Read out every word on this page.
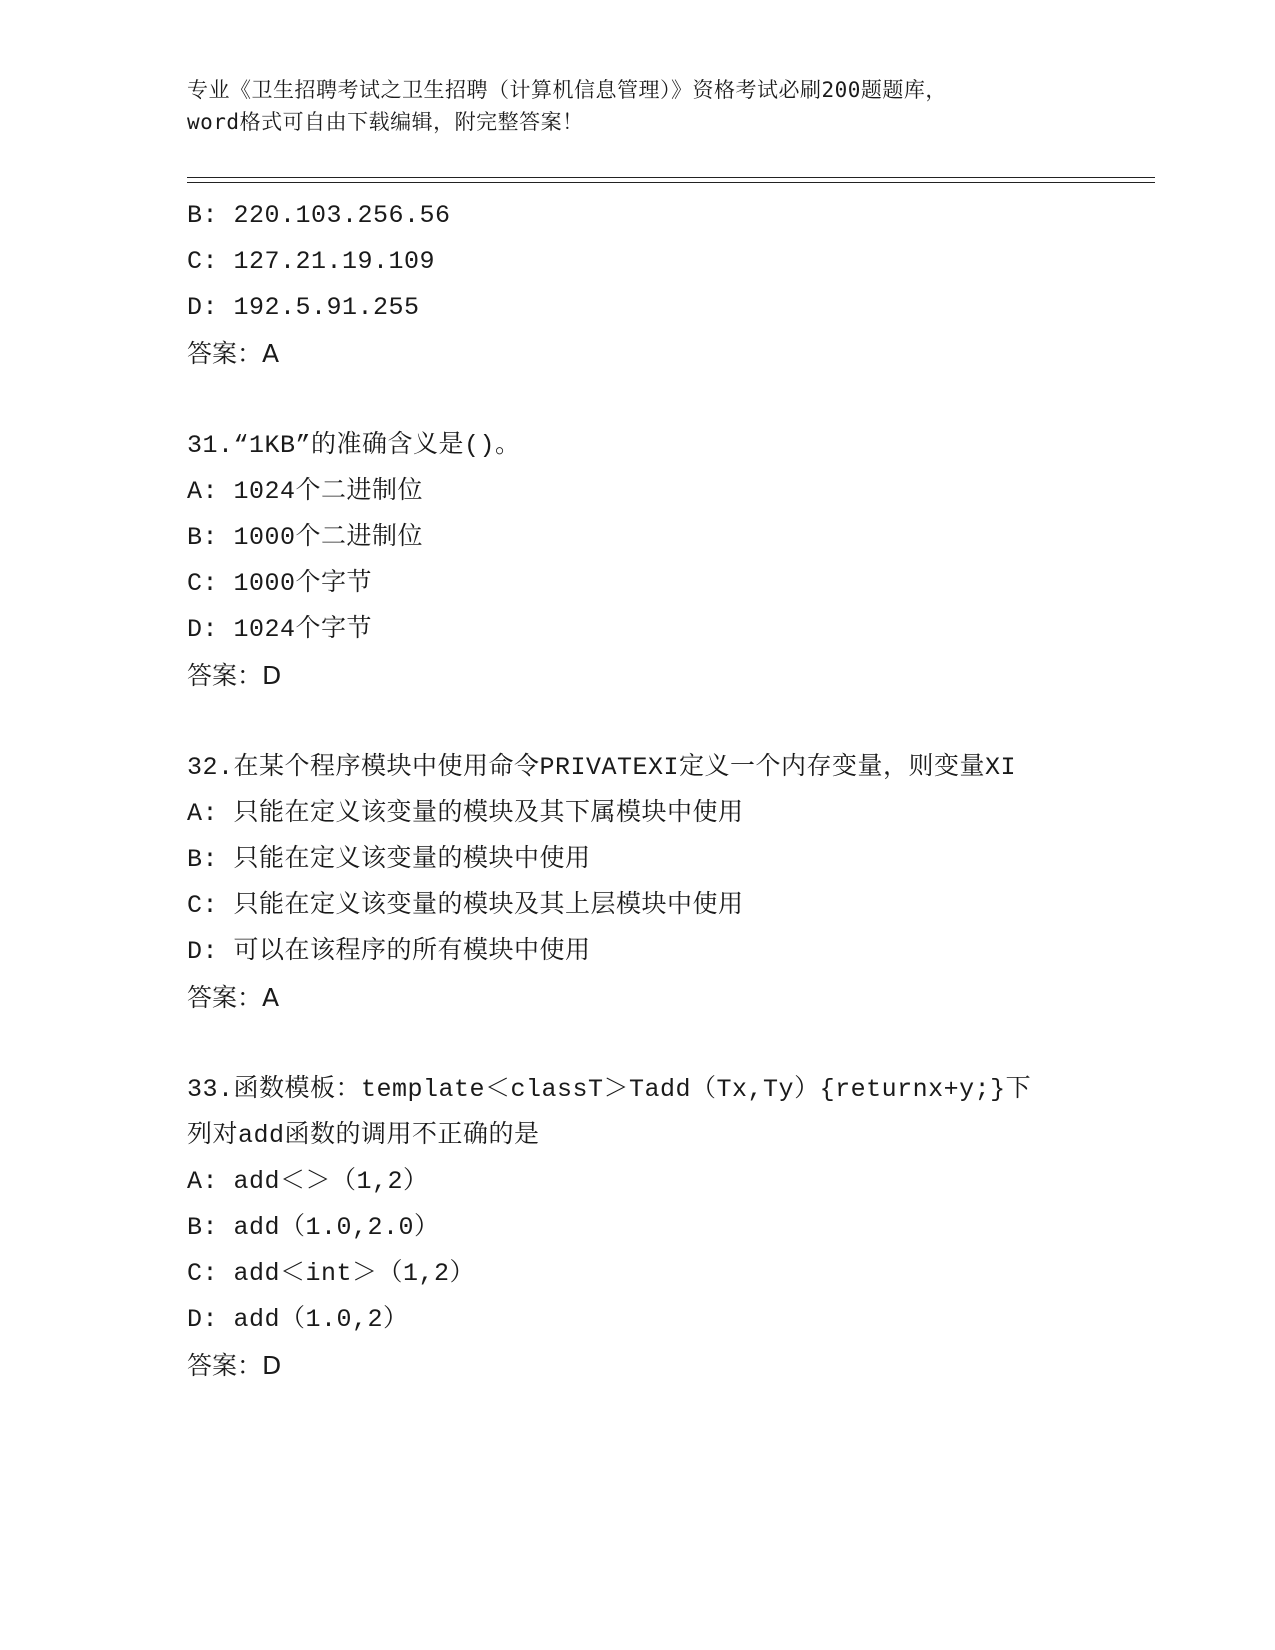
专业《卫生招聘考试之卫生招聘（计算机信息管理）》资格考试必刷200题题库，
word格式可自由下载编辑，附完整答案！
B: 220.103.256.56
C: 127.21.19.109
D: 192.5.91.255
答案：A
31.“1KB”的准确含义是()。
A: 1024个二进制位
B: 1000个二进制位
C: 1000个字节
D: 1024个字节
答案：D
32.在某个程序模块中使用命令PRIVATEXI定义一个内存变量，则变量XI
A: 只能在定义该变量的模块及其下属模块中使用
B: 只能在定义该变量的模块中使用
C: 只能在定义该变量的模块及其上层模块中使用
D: 可以在该程序的所有模块中使用
答案：A
33.函数模板：template＜classT＞Tadd（Tx,Ty）{returnx+y;}下列对add函数的调用不正确的是
A: add＜＞（1,2）
B: add（1.0,2.0）
C: add＜int＞（1,2）
D: add（1.0,2）
答案：D
